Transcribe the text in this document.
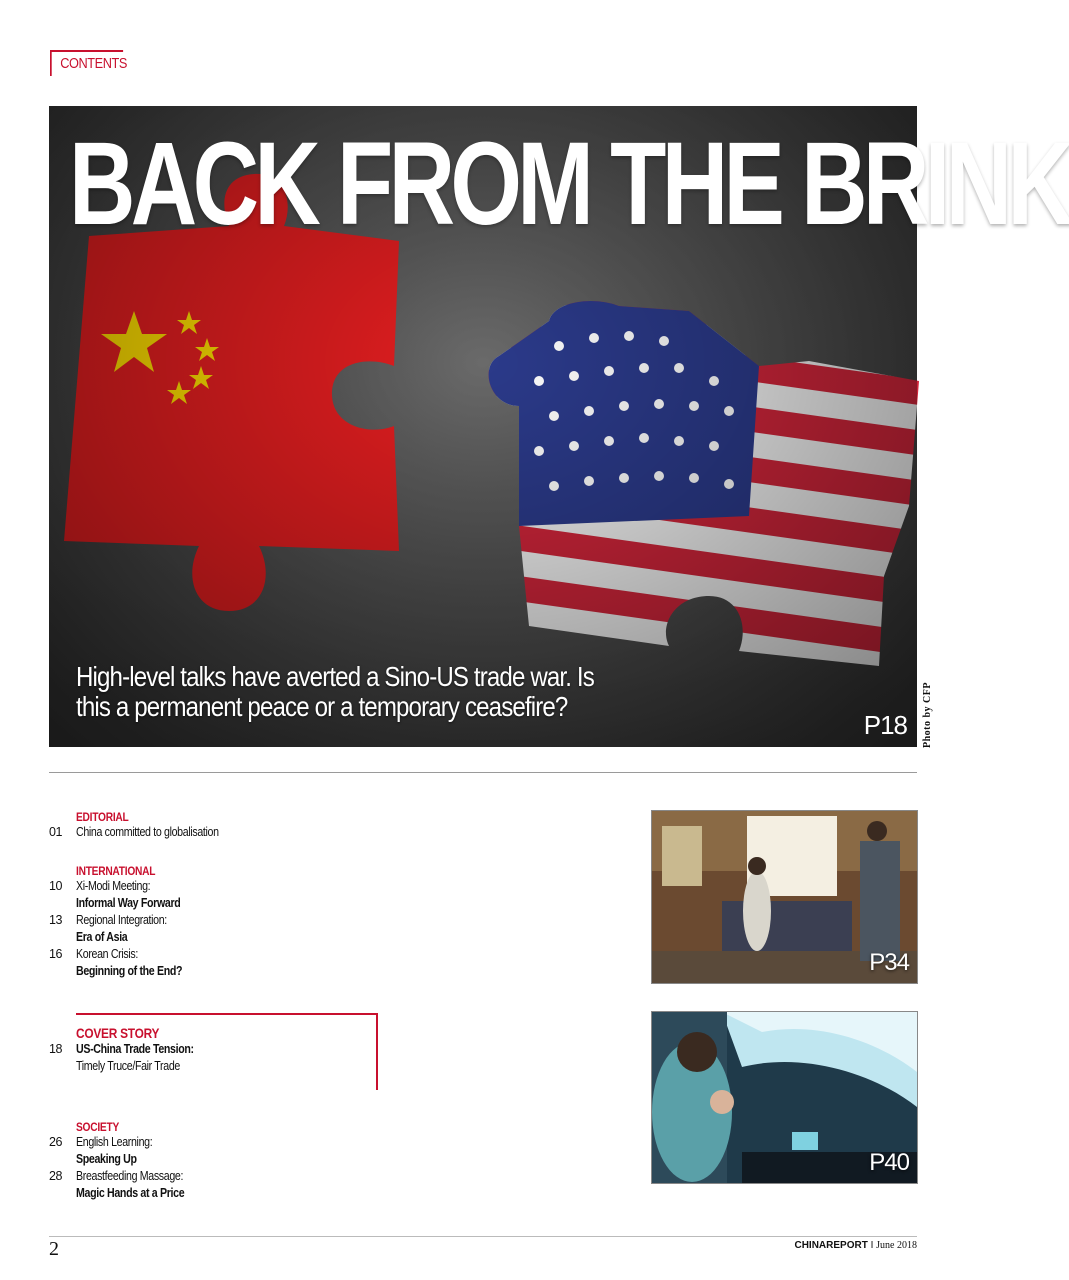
CONTENTS
BACK FROM THE BRINK
High-level talks have averted a Sino-US trade war. Is this a permanent peace or a temporary ceasefire?
P18 Photo by CFP
EDITORIAL
01	China committed to globalisation
INTERNATIONAL
10	Xi-Modi Meeting:
Informal Way Forward
13	Regional Integration:
Era of Asia
16	Korean Crisis:
Beginning of the End?
COVER STORY
18	US-China Trade Tension:
Timely Truce/Fair Trade
SOCIETY
26	English Learning:
Speaking Up
28	Breastfeeding Massage:
Magic Hands at a Price
P34
P40
2	CHINAREPORT I June 2018
